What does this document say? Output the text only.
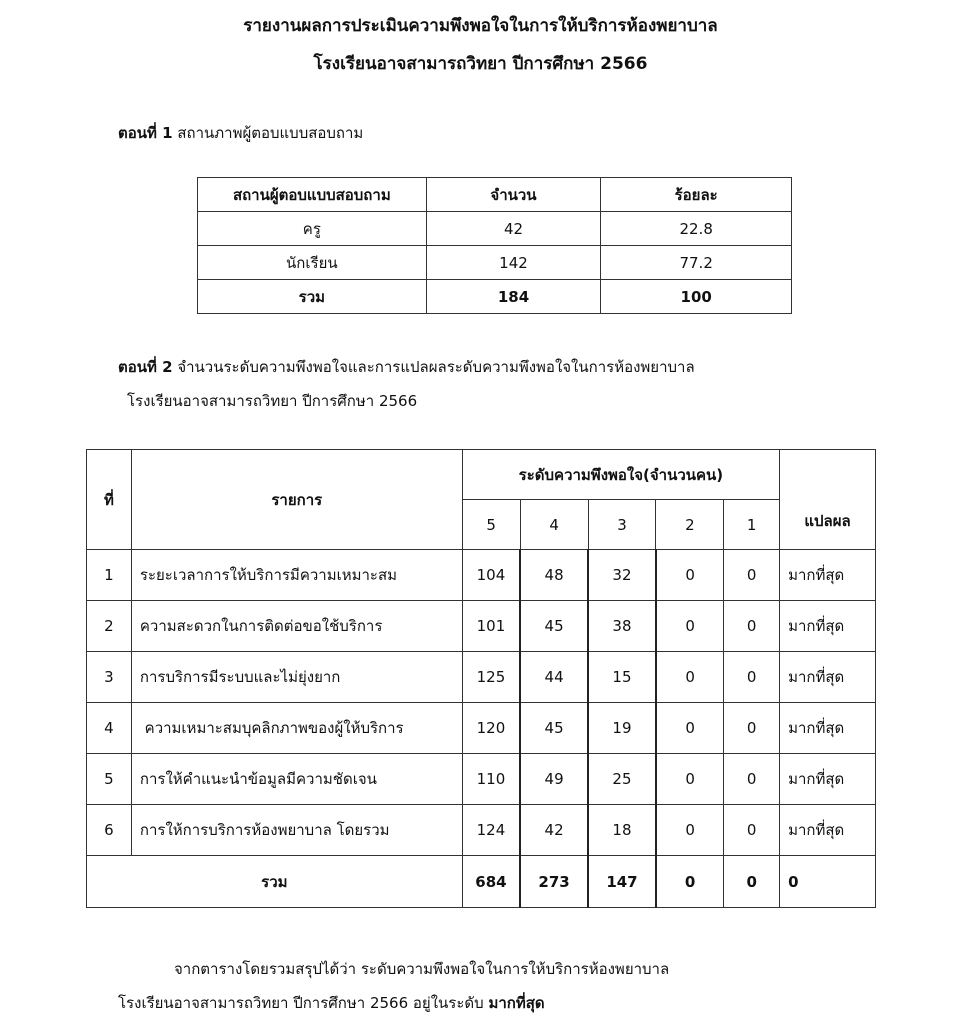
รายงานผลการประเมินความพึงพอใจในการให้บริการห้องพยาบาล
โรงเรียนอาจสามารถวิทยา ปีการศึกษา 2566
ตอนที่ 1 สถานภาพผู้ตอบแบบสอบถาม
สถานผู้ตอบแบบสอบถาม	จำนวน	ร้อยละ
ครู	42	22.8
นักเรียน	142	77.2
รวม	184	100
ตอนที่ 2 จำนวนระดับความพึงพอใจและการแปลผลระดับความพึงพอใจในการห้องพยาบาล
โรงเรียนอาจสามารถวิทยา ปีการศึกษา 2566
ที่	รายการ	ระดับความพึงพอใจ(จำนวนคน)					แปลผล
		5	4	3	2	1	
1	ระยะเวลาการให้บริการมีความเหมาะสม	104	48	32	0	0	มากที่สุด
2	ความสะดวกในการติดต่อขอใช้บริการ	101	45	38	0	0	มากที่สุด
3	การบริการมีระบบและไม่ยุ่งยาก	125	44	15	0	0	มากที่สุด
4	ความเหมาะสมบุคลิกภาพของผู้ให้บริการ	120	45	19	0	0	มากที่สุด
5	การให้คำแนะนำข้อมูลมีความชัดเจน	110	49	25	0	0	มากที่สุด
6	การให้การบริการห้องพยาบาล โดยรวม	124	42	18	0	0	มากที่สุด
รวม		684	273	147	0	0	0
จากตารางโดยรวมสรุปได้ว่า ระดับความพึงพอใจในการให้บริการห้องพยาบาล
โรงเรียนอาจสามารถวิทยา ปีการศึกษา 2566 อยู่ในระดับ มากที่สุด
